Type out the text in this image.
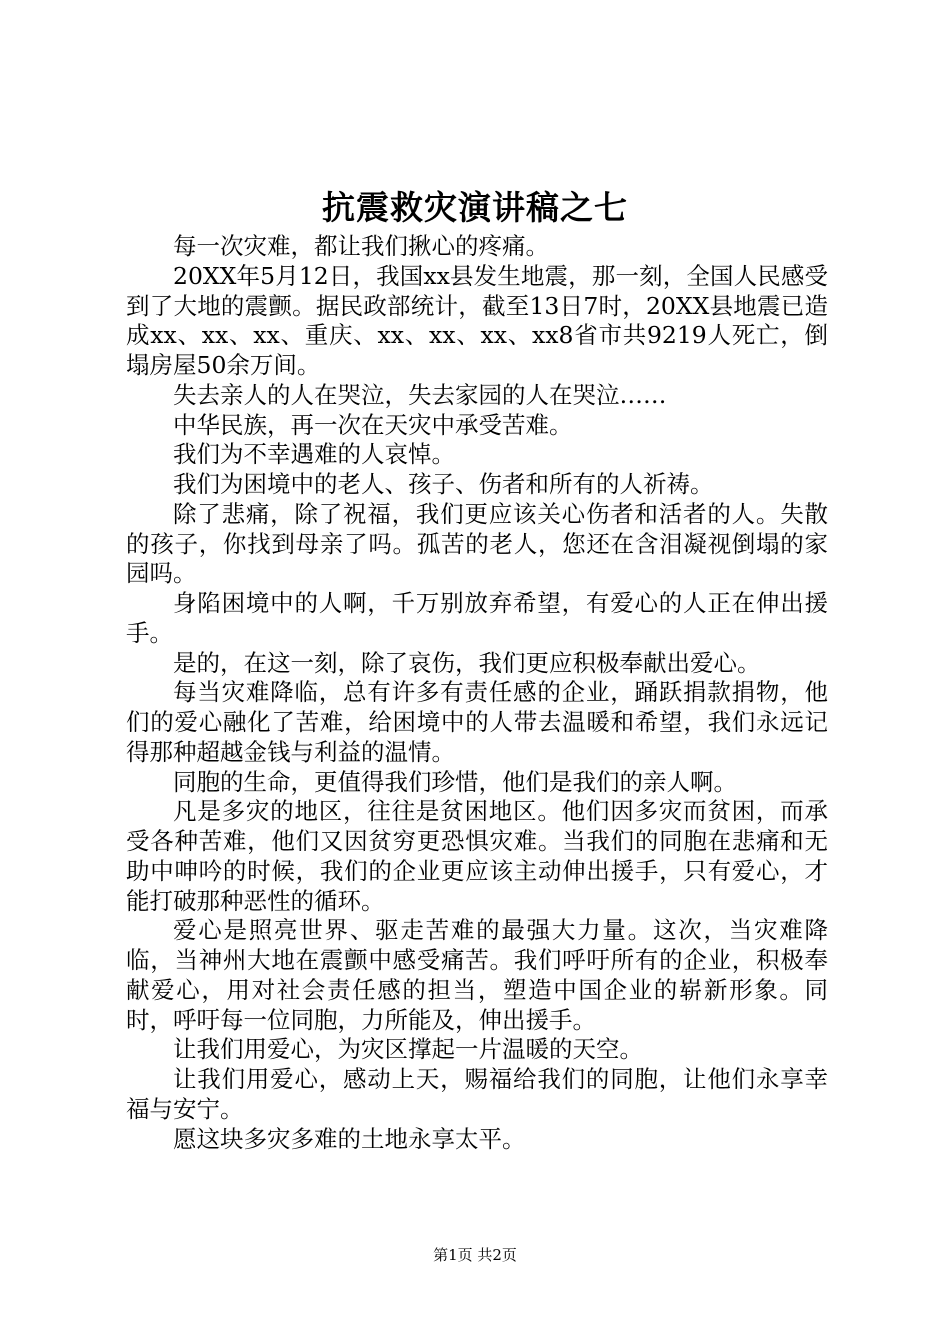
抗震救灾演讲稿之七

每一次灾难，都让我们揪心的疼痛。

20XX年5月12日，我国xx县发生地震，那一刻，全国人民感受到了大地的震颤。据民政部统计，截至13日7时，20XX县地震已造成xx、xx、xx、重庆、xx、xx、xx、xx8省市共9219人死亡，倒塌房屋50余万间。

失去亲人的人在哭泣，失去家园的人在哭泣……

中华民族，再一次在天灾中承受苦难。

我们为不幸遇难的人哀悼。

我们为困境中的老人、孩子、伤者和所有的人祈祷。

除了悲痛，除了祝福，我们更应该关心伤者和活者的人。失散的孩子，你找到母亲了吗。孤苦的老人，您还在含泪凝视倒塌的家园吗。

身陷困境中的人啊，千万别放弃希望，有爱心的人正在伸出援手。

是的，在这一刻，除了哀伤，我们更应积极奉献出爱心。

每当灾难降临，总有许多有责任感的企业，踊跃捐款捐物，他们的爱心融化了苦难，给困境中的人带去温暖和希望，我们永远记得那种超越金钱与利益的温情。

同胞的生命，更值得我们珍惜，他们是我们的亲人啊。

凡是多灾的地区，往往是贫困地区。他们因多灾而贫困，而承受各种苦难，他们又因贫穷更恐惧灾难。当我们的同胞在悲痛和无助中呻吟的时候，我们的企业更应该主动伸出援手，只有爱心，才能打破那种恶性的循环。

爱心是照亮世界、驱走苦难的最强大力量。这次，当灾难降临，当神州大地在震颤中感受痛苦。我们呼吁所有的企业，积极奉献爱心，用对社会责任感的担当，塑造中国企业的崭新形象。同时，呼吁每一位同胞，力所能及，伸出援手。

让我们用爱心，为灾区撑起一片温暖的天空。

让我们用爱心，感动上天，赐福给我们的同胞，让他们永享幸福与安宁。

愿这块多灾多难的土地永享太平。

第1页 共2页
